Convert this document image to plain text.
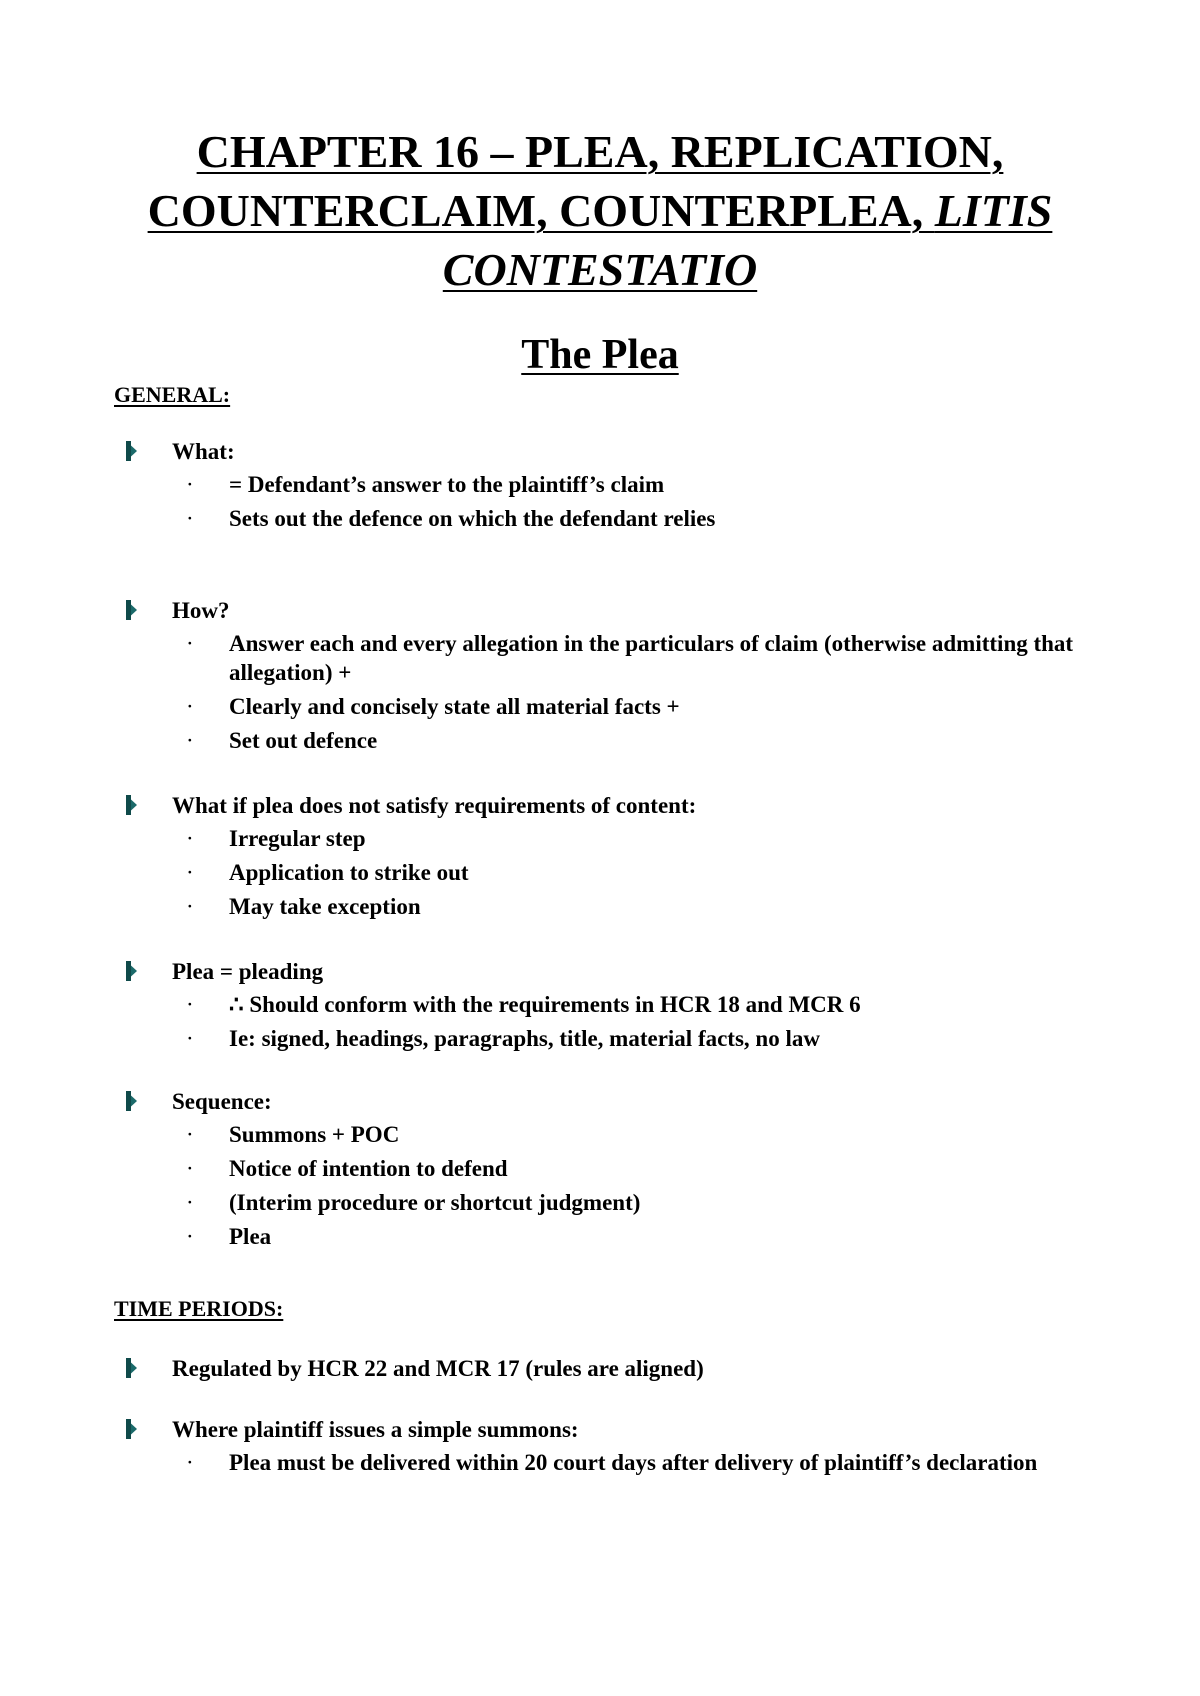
CHAPTER 16 – PLEA, REPLICATION,
COUNTERCLAIM, COUNTERPLEA, LITIS
CONTESTATIO
The Plea
GENERAL:
What:
· = Defendant’s answer to the plaintiff’s claim
· Sets out the defence on which the defendant relies
How?
· Answer each and every allegation in the particulars of claim (otherwise admitting that allegation) +
· Clearly and concisely state all material facts +
· Set out defence
What if plea does not satisfy requirements of content:
· Irregular step
· Application to strike out
· May take exception
Plea = pleading
· ∴ Should conform with the requirements in HCR 18 and MCR 6
· Ie: signed, headings, paragraphs, title, material facts, no law
Sequence:
· Summons + POC
· Notice of intention to defend
· (Interim procedure or shortcut judgment)
· Plea
TIME PERIODS:
Regulated by HCR 22 and MCR 17 (rules are aligned)
Where plaintiff issues a simple summons:
· Plea must be delivered within 20 court days after delivery of plaintiff’s declaration
